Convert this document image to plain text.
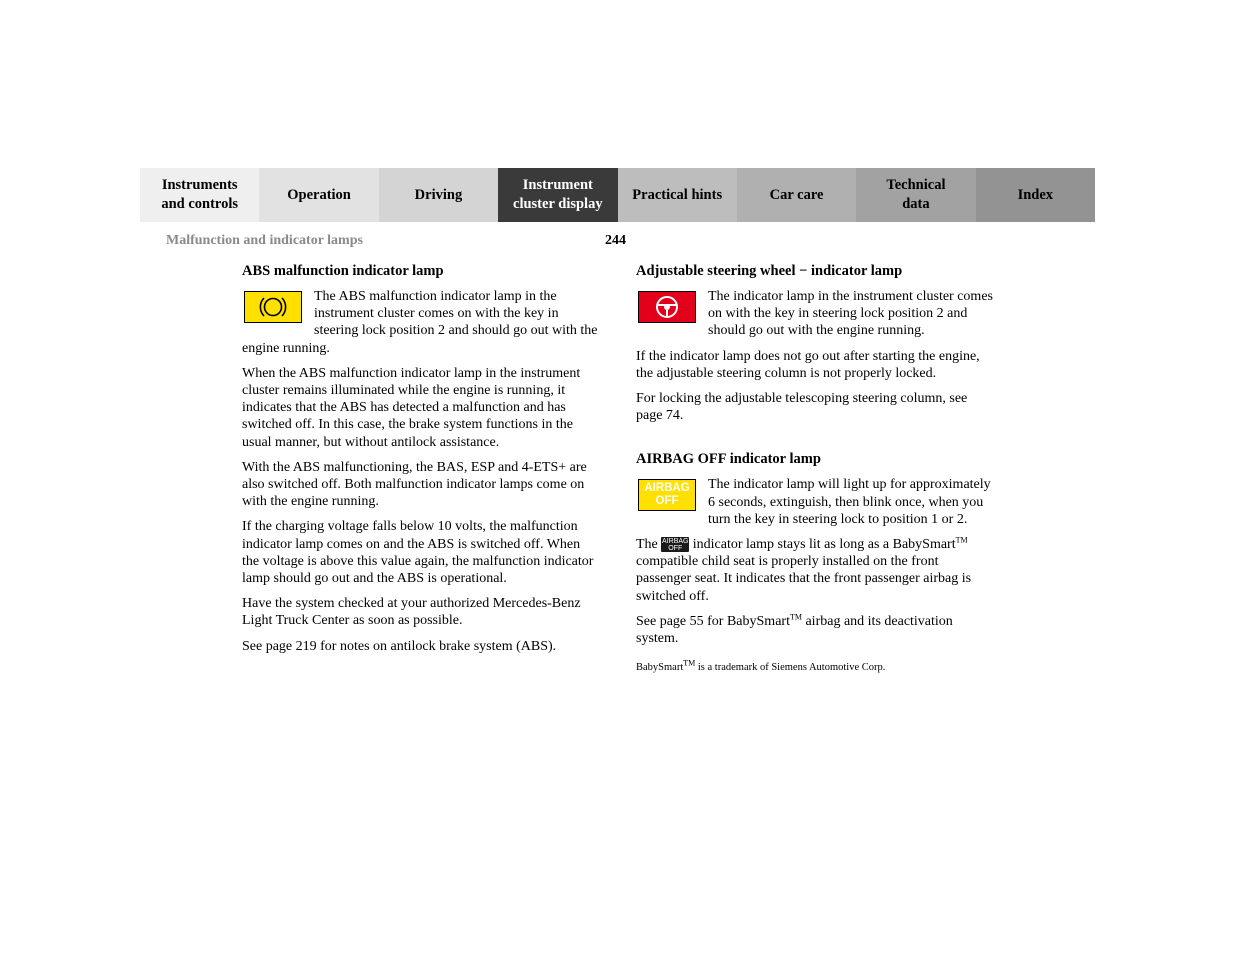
Instruments
and controls
Operation	Driving
Instrument
cluster display
Practical hints	Car care
Technical
data
Index
Malfunction and indicator lamps	244
ABS malfunction indicator lamp
The ABS malfunction indicator lamp in the instrument cluster comes on with the key in steering lock position 2 and should go out with the engine running.

When the ABS malfunction indicator lamp in the instrument cluster remains illuminated while the engine is running, it indicates that the ABS has detected a malfunction and has switched off. In this case, the brake system functions in the usual manner, but without antilock assistance.

With the ABS malfunctioning, the BAS, ESP and 4-ETS+ are also switched off. Both malfunction indicator lamps come on with the engine running.

If the charging voltage falls below 10 volts, the malfunction indicator lamp comes on and the ABS is switched off. When the voltage is above this value again, the malfunction indicator lamp should go out and the ABS is operational.

Have the system checked at your authorized Mercedes-Benz Light Truck Center as soon as possible.

See page 219 for notes on antilock brake system (ABS).

Adjustable steering wheel − indicator lamp
The indicator lamp in the instrument cluster comes on with the key in steering lock position 2 and should go out with the engine running.

If the indicator lamp does not go out after starting the engine, the adjustable steering column is not properly locked.

For locking the adjustable telescoping steering column, see page 74.

AIRBAG OFF indicator lamp
AIRBAG
OFF
The indicator lamp will light up for approximately 6 seconds, extinguish, then blink once, when you turn the key in steering lock to position 1 or 2.

The AIRBAG
OFF indicator lamp stays lit as long as a BabySmart™ compatible child seat is properly installed on the front passenger seat. It indicates that the front passenger airbag is switched off.

See page 55 for BabySmart™ airbag and its deactivation system.

BabySmart™ is a trademark of Siemens Automotive Corp.
